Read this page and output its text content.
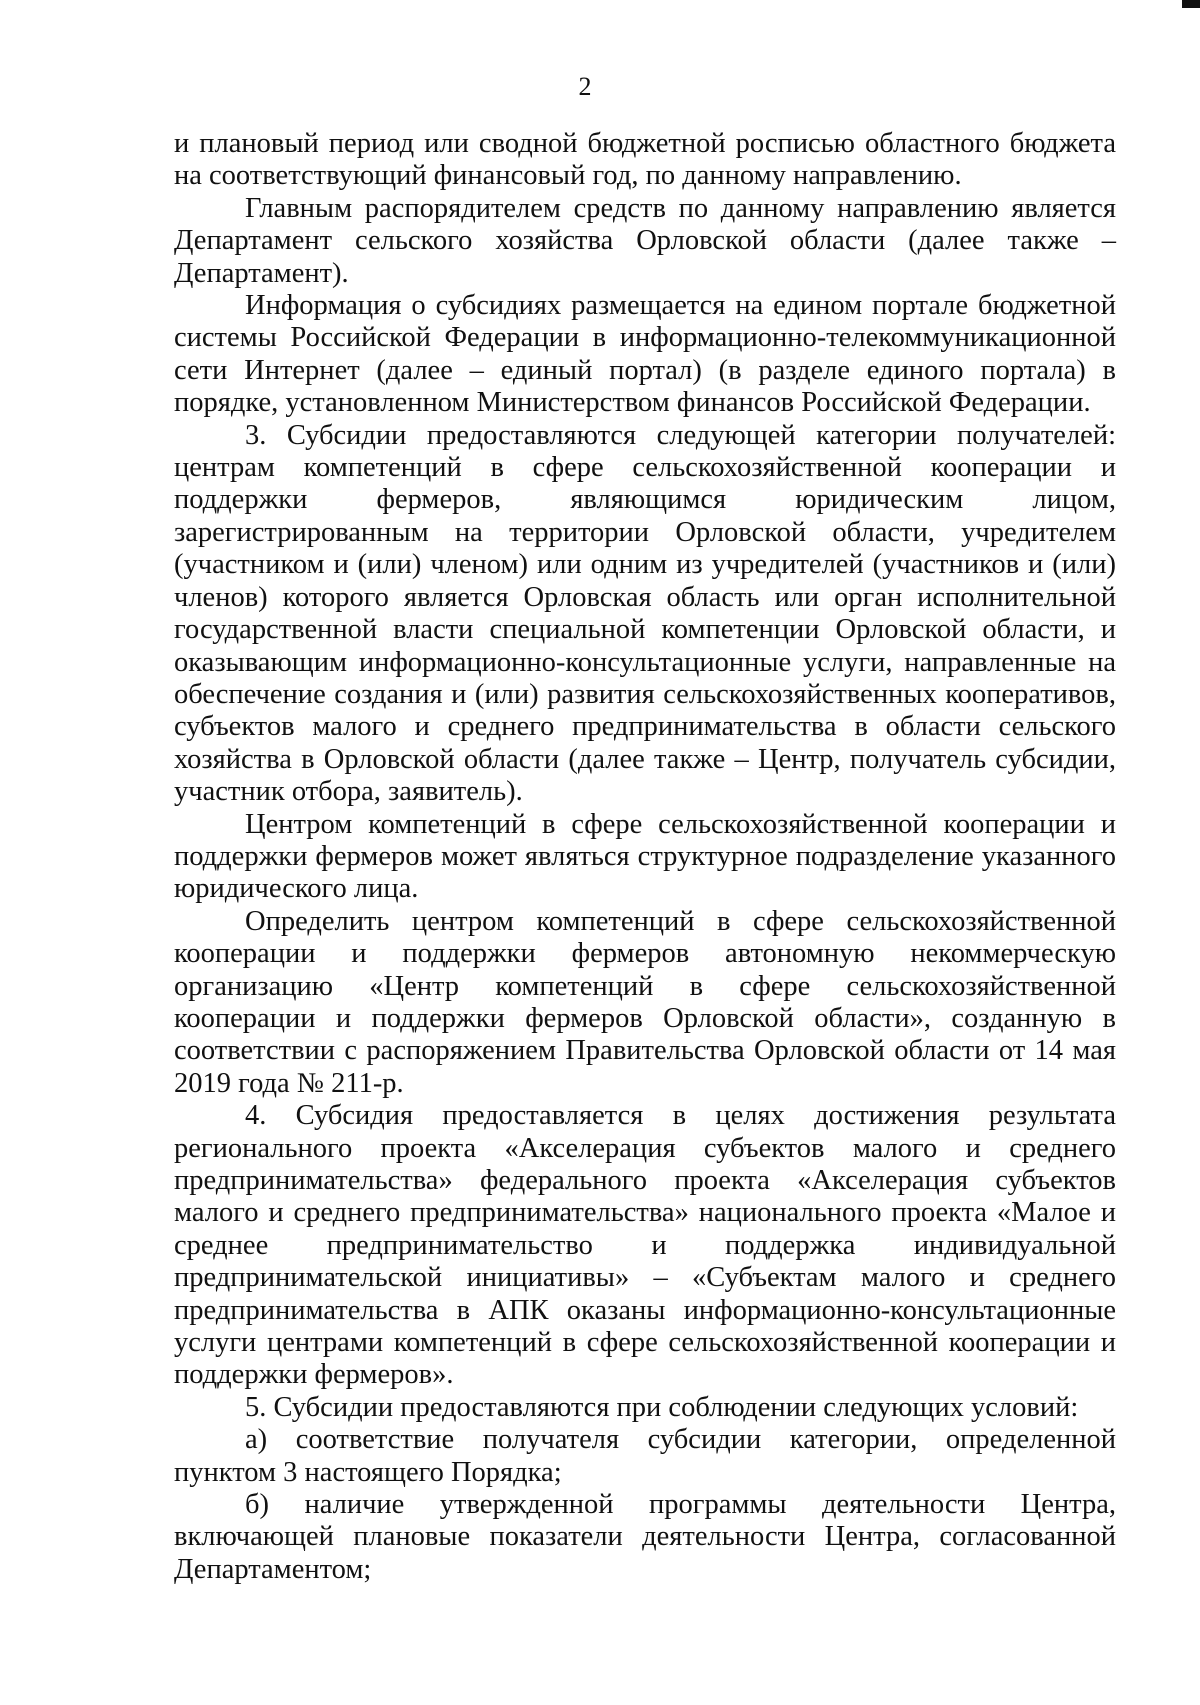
2

и плановый период или сводной бюджетной росписью областного бюджета на соответствующий финансовый год, по данному направлению.

Главным распорядителем средств по данному направлению является Департамент сельского хозяйства Орловской области (далее также – Департамент).

Информация о субсидиях размещается на едином портале бюджетной системы Российской Федерации в информационно-телекоммуникационной сети Интернет (далее – единый портал) (в разделе единого портала) в порядке, установленном Министерством финансов Российской Федерации.

3. Субсидии предоставляются следующей категории получателей: центрам компетенций в сфере сельскохозяйственной кооперации и поддержки фермеров, являющимся юридическим лицом, зарегистрированным на территории Орловской области, учредителем (участником и (или) членом) или одним из учредителей (участников и (или) членов) которого является Орловская область или орган исполнительной государственной власти специальной компетенции Орловской области, и оказывающим информационно-консультационные услуги, направленные на обеспечение создания и (или) развития сельскохозяйственных кооперативов, субъектов малого и среднего предпринимательства в области сельского хозяйства в Орловской области (далее также – Центр, получатель субсидии, участник отбора, заявитель).

Центром компетенций в сфере сельскохозяйственной кооперации и поддержки фермеров может являться структурное подразделение указанного юридического лица.

Определить центром компетенций в сфере сельскохозяйственной кооперации и поддержки фермеров автономную некоммерческую организацию «Центр компетенций в сфере сельскохозяйственной кооперации и поддержки фермеров Орловской области», созданную в соответствии с распоряжением Правительства Орловской области от 14 мая 2019 года № 211-р.

4. Субсидия предоставляется в целях достижения результата регионального проекта «Акселерация субъектов малого и среднего предпринимательства» федерального проекта «Акселерация субъектов малого и среднего предпринимательства» национального проекта «Малое и среднее предпринимательство и поддержка индивидуальной предпринимательской инициативы» – «Субъектам малого и среднего предпринимательства в АПК оказаны информационно-консультационные услуги центрами компетенций в сфере сельскохозяйственной кооперации и поддержки фермеров».

5. Субсидии предоставляются при соблюдении следующих условий:

а) соответствие получателя субсидии категории, определенной пунктом 3 настоящего Порядка;

б) наличие утвержденной программы деятельности Центра, включающей плановые показатели деятельности Центра, согласованной Департаментом;
